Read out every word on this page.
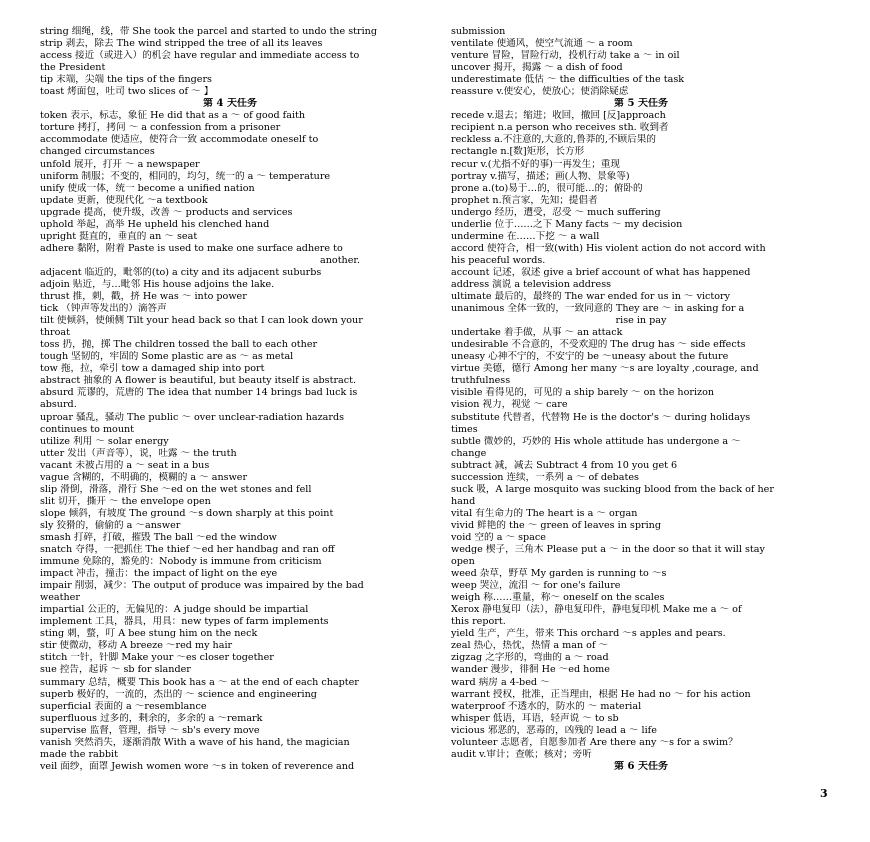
string 细绳，线，带 She took the parcel and started to undo the string
strip 剥去，除去 The wind stripped the tree of all its leaves
access 接近（或进入）的机会 have regular and immediate access to
the President
tip 末端，尖端 the tips of the fingers
toast 烤面包，吐司 two slices of ～ 】
第 4 天任务
token 表示，标志，象征 He did that as a ～ of good faith
torture 拷打，拷问 ～ a confession from a prisoner
accommodate 使适应，使符合一致 accommodate oneself to
changed circumstances
unfold 展开，打开 ～ a newspaper
uniform 制服；不变的，相同的，均匀，统一的 a ～ temperature
unify 使成一体，统一 become a unified nation
update 更新，使现代化 ～a textbook
upgrade 提高，使升级，改善 ～ products and services
uphold 举起，高举 He upheld his clenched hand
upright 挺直的，垂直的 an ～ seat
adhere 黏附，附着 Paste is used to make one surface adhere to
another.
adjacent 临近的，毗邻的(to) a city and its adjacent suburbs
adjoin 贴近，与…毗邻 His house adjoins the lake.
thrust 推，刺，戳，挤 He was ～ into power
tick （钟声等发出的）滴答声
tilt 使倾斜，使倾侧 Tilt your head back so that I can look down your
throat
toss 扔，抛，掷 The children tossed the ball to each other
tough 坚韧的，牢固的 Some plastic are as ～ as metal
tow 拖，拉，牵引 tow a damaged ship into port
abstract 抽象的 A flower is beautiful, but beauty itself is abstract.
absurd 荒谬的，荒唐的 The idea that number 14 brings bad luck is
absurd.
uproar 骚乱，骚动 The public ～ over unclear-radiation hazards
continues to mount
utilize 利用 ～ solar energy
utter 发出（声音等），说，吐露 ～ the truth
vacant 未被占用的 a ～ seat in a bus
vague 含糊的，不明确的，模糊的 a ～ answer
slip 滑倒，滑落，滑行 She ～ed on the wet stones and fell
slit 切开，撕开 ～ the envelope open
slope 倾斜，有坡度 The ground ～s down sharply at this point
sly 狡猾的，偷偷的 a ～answer
smash 打碎，打破，摧毁 The ball ～ed the window
snatch 夺得，一把抓住 The thief ～ed her handbag and ran off
immune 免除的，豁免的：Nobody is immune from criticism
impact 冲击，撞击：the impact of light on the eye
impair 削弱，减少：The output of produce was impaired by the bad
weather
impartial 公正的，无偏见的：A judge should be impartial
implement 工具，器具，用具：new types of farm implements
sting 刺，螫，叮 A bee stung him on the neck
stir 使微动，移动 A breeze ～red my hair
stitch 一针，针脚 Make your ～es closer together
sue 控告，起诉 ～ sb for slander
summary 总结，概要 This book has a ～ at the end of each chapter
superb 极好的，一流的，杰出的 ～ science and engineering
superficial 表面的 a ～resemblance
superfluous 过多的，剩余的，多余的 a ～remark
supervise 监督，管理，指导 ～ sb's every move
vanish 突然消失，逐渐消散 With a wave of his hand, the magician
made the rabbit
veil 面纱，面罩 Jewish women wore ～s in token of reverence and
submission
ventilate 使通风，使空气流通 ～ a room
venture 冒险，冒险行动，投机行动 take a ～ in oil
uncover 揭开，揭露 ～ a dish of food
underestimate 低估 ～ the difficulties of the task
reassure v.使安心，使放心；使消除疑虑
第 5 天任务
recede v.退去；缩进；收回，撤回 [反]approach
recipient n.a person who receives sth. 收到者
reckless a.不注意的,大意的,鲁莽的,不顾后果的
rectangle n.[数]矩形，长方形
recur v.(尤指不好的事)一再发生；重现
portray v.描写，描述；画(人物、景象等)
prone a.(to)易于…的，很可能…的；俯卧的
prophet n.预言家，先知；提倡者
undergo 经历，遭受，忍受 ～ much suffering
underlie 位于……之下 Many facts ～ my decision
undermine 在……下挖 ～ a wall
accord 使符合，相一致(with) His violent action do not accord with
his peaceful words.
account 记述，叙述 give a brief account of what has happened
address 演说 a television address
ultimate 最后的，最终的 The war ended for us in ～ victory
unanimous 全体一致的，一致同意的 They are ～ in asking for a
rise in pay
undertake 着手做，从事 ～ an attack
undesirable 不合意的，不受欢迎的 The drug has ～ side effects
uneasy 心神不宁的，不安宁的 be ～uneasy about the future
virtue 美德，德行 Among her many ～s are loyalty ,courage, and
truthfulness
visible 看得见的，可见的 a ship barely ～ on the horizon
vision 视力，视觉 ～ care
substitute 代替者，代替物 He is the doctor's ～ during holidays
times
subtle 微妙的，巧妙的 His whole attitude has undergone a ～
change
subtract 减，减去 Subtract 4 from 10 you get 6
succession 连续，一系列 a ～ of debates
suck 吸，A large mosquito was sucking blood from the back of her
hand
vital 有生命力的 The heart is a ～ organ
vivid 鲜艳的 the ～ green of leaves in spring
void 空的 a ～ space
wedge 楔子，三角木 Please put a ～ in the door so that it will stay
open
weed 杂草，野草 My garden is running to ～s
weep 哭泣，流泪 ～ for one's failure
weigh 称……重量，称～ oneself on the scales
Xerox 静电复印（法），静电复印件，静电复印机 Make me a ～ of
this report.
yield 生产，产生，带来 This orchard ～s apples and pears.
zeal 热心，热忱，热情 a man of ～
zigzag 之字形的，弯曲的 a ～ road
wander 漫步，徘徊 He ～ed home
ward 病房 a 4-bed ～
warrant 授权，批准，正当理由，根据 He had no ～ for his action
waterproof 不透水的，防水的 ～ material
whisper 低语，耳语，轻声说 ～ to sb
vicious 邪恶的，恶毒的，凶残的 lead a ～ life
volunteer 志愿者，自愿参加者 Are there any ～s for a swim？
audit v.审计；查帐；核对；旁听
第 6 天任务
3
